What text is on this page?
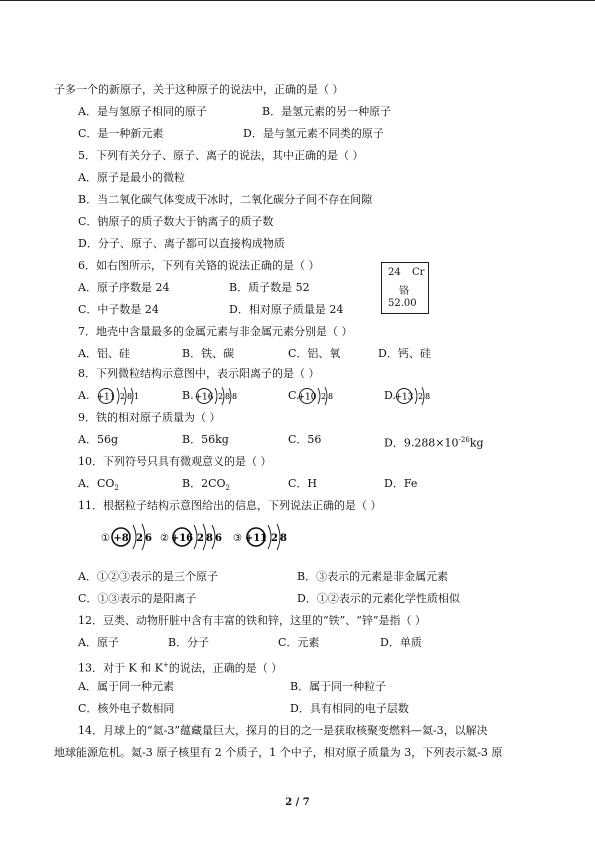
子多一个的新原子，关于这种原子的说法中，正确的是（ ）
A．是与氢原子相同的原子	B．是氢元素的另一种原子
C．是一种新元素	D．是与氢元素不同类的原子
5．下列有关分子、原子、离子的说法，其中正确的是（ ）
A．原子是最小的微粒
B．当二氧化碳气体变成干冰时，二氧化碳分子间不存在间隙
C．钠原子的质子数大于钠离子的质子数
D．分子、原子、离子都可以直接构成物质
6．如右图所示，下列有关铬的说法正确的是（ ）
A．原子序数是 24	B．质子数是 52
C．中子数是 24	D．相对原子质量是 24
24 Cr
铬
52.00
7．地壳中含量最多的金属元素与非金属元素分别是（ ）
A．铝、硅	B．铁、碳	C．铝、氧	D．钙、硅
8．下列微粒结构示意图中，表示阳离子的是（ ）
A.	B.	C.	D.
+11 2 8 1	+16 2 8 8	+10 2 8	+13 2 8
① +8 2 6 ② +16 2 8 6 ③ +11 2 8
9．铁的相对原子质量为（ ）
A．56g	B．56kg	C．56	D．$9.288\times 10^{-26}kg$
10．下列符号只具有微观意义的是（ ）
A．$CO_2$	B．$2CO_2$	C．H	D．Fe
11．根据粒子结构示意图给出的信息，下列说法正确的是（ ）
A．①②③表示的是三个原子	B．③表示的元素是非金属元素
C．①③表示的是阳离子	D．①②表示的元素化学性质相似
12．豆类、动物肝脏中含有丰富的铁和锌，这里的“铁”、“锌”是指（ ）
A．原子	B．分子	C．元素	D．单质
13．对于 K 和 K+的说法，正确的是（ ）
A．属于同一种元素	B．属于同一种粒子
C．核外电子数相同	D．具有相同的电子层数
14．月球上的“氦-3”蕴藏量巨大，探月的目的之一是获取核聚变燃料—氦-3，以解决
地球能源危机。氦-3 原子核里有 2 个质子，1 个中子，相对原子质量为 3，下列表示氦-3 原
2 / 7
